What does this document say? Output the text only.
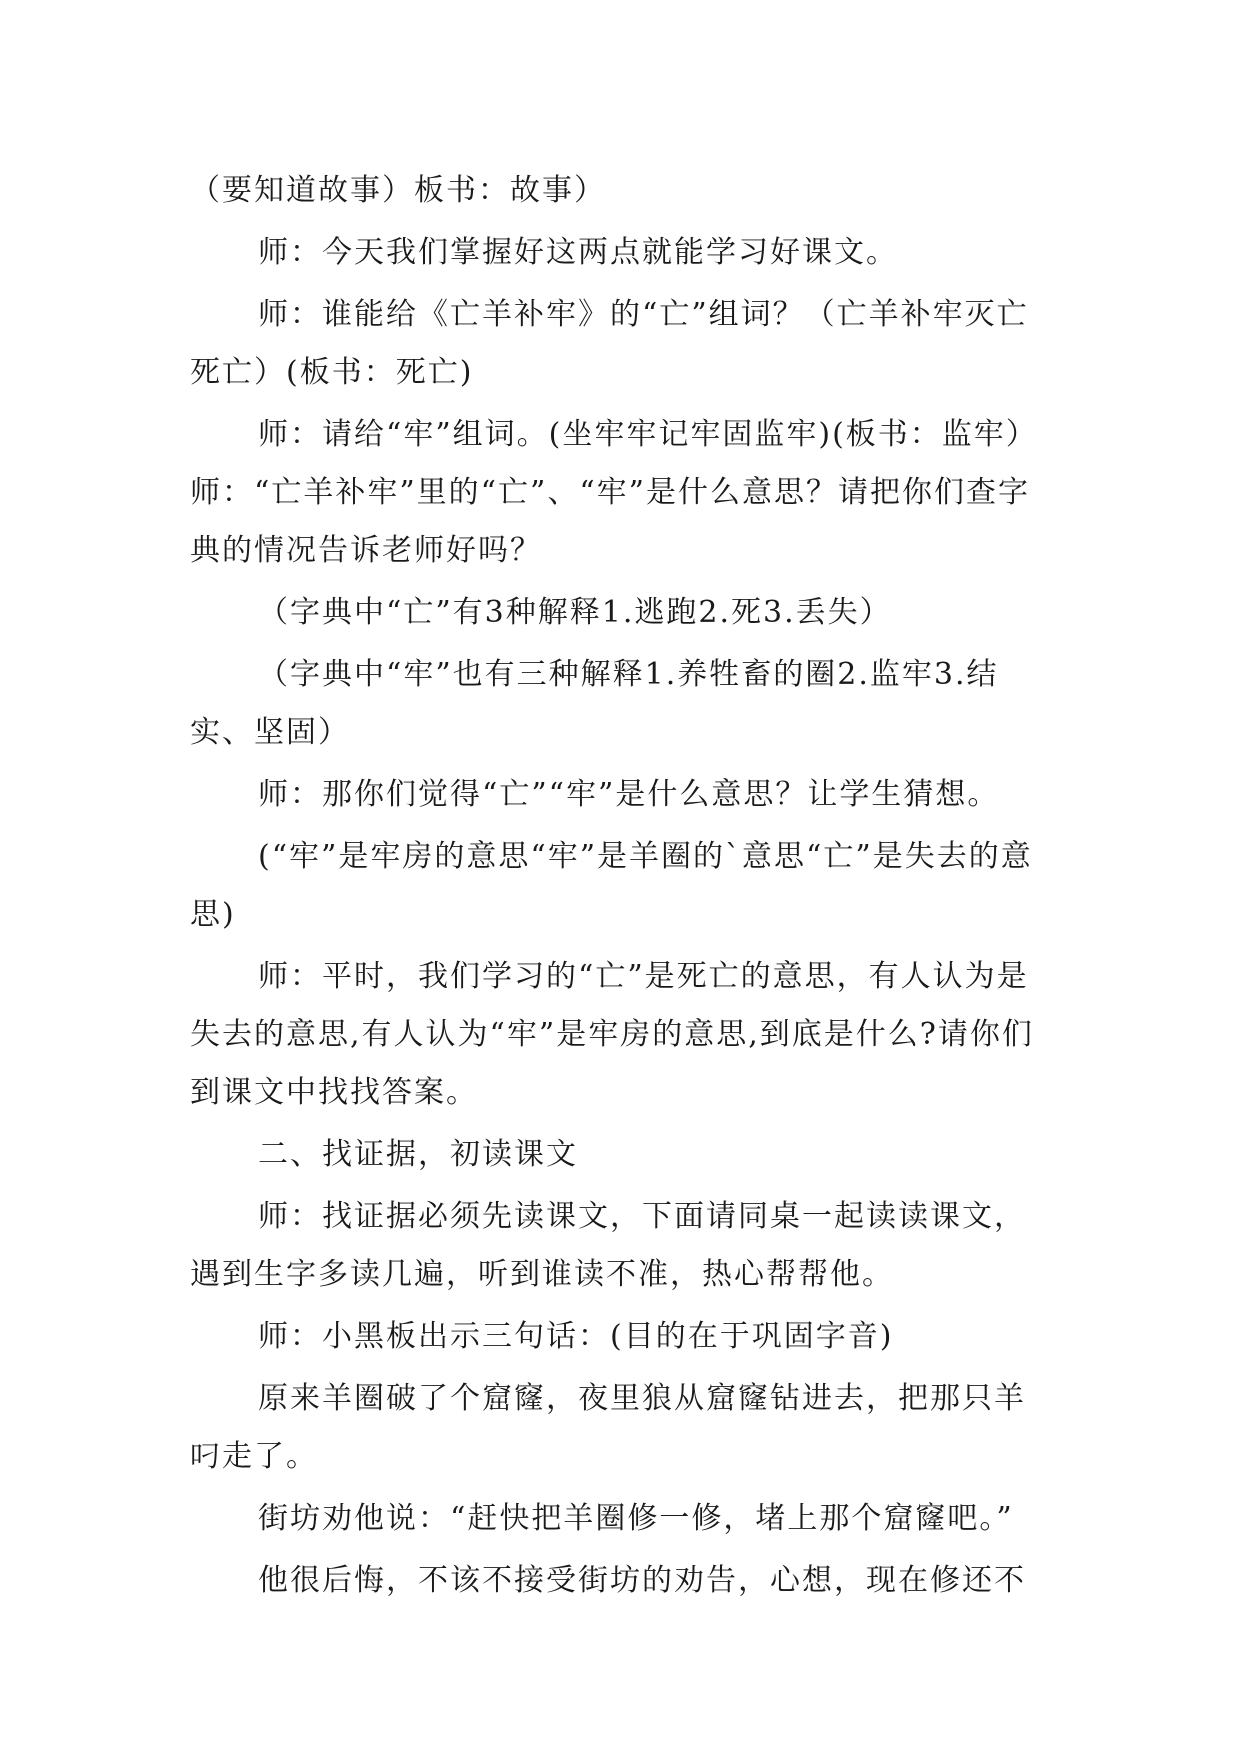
（要知道故事）板书：故事）

师：今天我们掌握好这两点就能学习好课文。

师：谁能给《亡羊补牢》的“亡”组词？（亡羊补牢灭亡死亡）(板书：死亡)

师：请给“牢”组词。(坐牢牢记牢固监牢)(板书：监牢）师：“亡羊补牢”里的“亡”、“牢”是什么意思？请把你们查字典的情况告诉老师好吗？

（字典中“亡”有3种解释1.逃跑2.死3.丢失）

（字典中“牢”也有三种解释1.养牲畜的圈2.监牢3.结实、坚固）

师：那你们觉得“亡”“牢”是什么意思？让学生猜想。

(“牢”是牢房的意思“牢”是羊圈的`意思“亡”是失去的意思)

师：平时，我们学习的“亡”是死亡的意思，有人认为是失去的意思,有人认为“牢”是牢房的意思,到底是什么?请你们到课文中找找答案。

二、找证据，初读课文

师：找证据必须先读课文，下面请同桌一起读读课文，遇到生字多读几遍，听到谁读不准，热心帮帮他。

师：小黑板出示三句话：(目的在于巩固字音)

原来羊圈破了个窟窿，夜里狼从窟窿钻进去，把那只羊叼走了。

街坊劝他说：“赶快把羊圈修一修，堵上那个窟窿吧。”

他很后悔，不该不接受街坊的劝告，心想，现在修还不
